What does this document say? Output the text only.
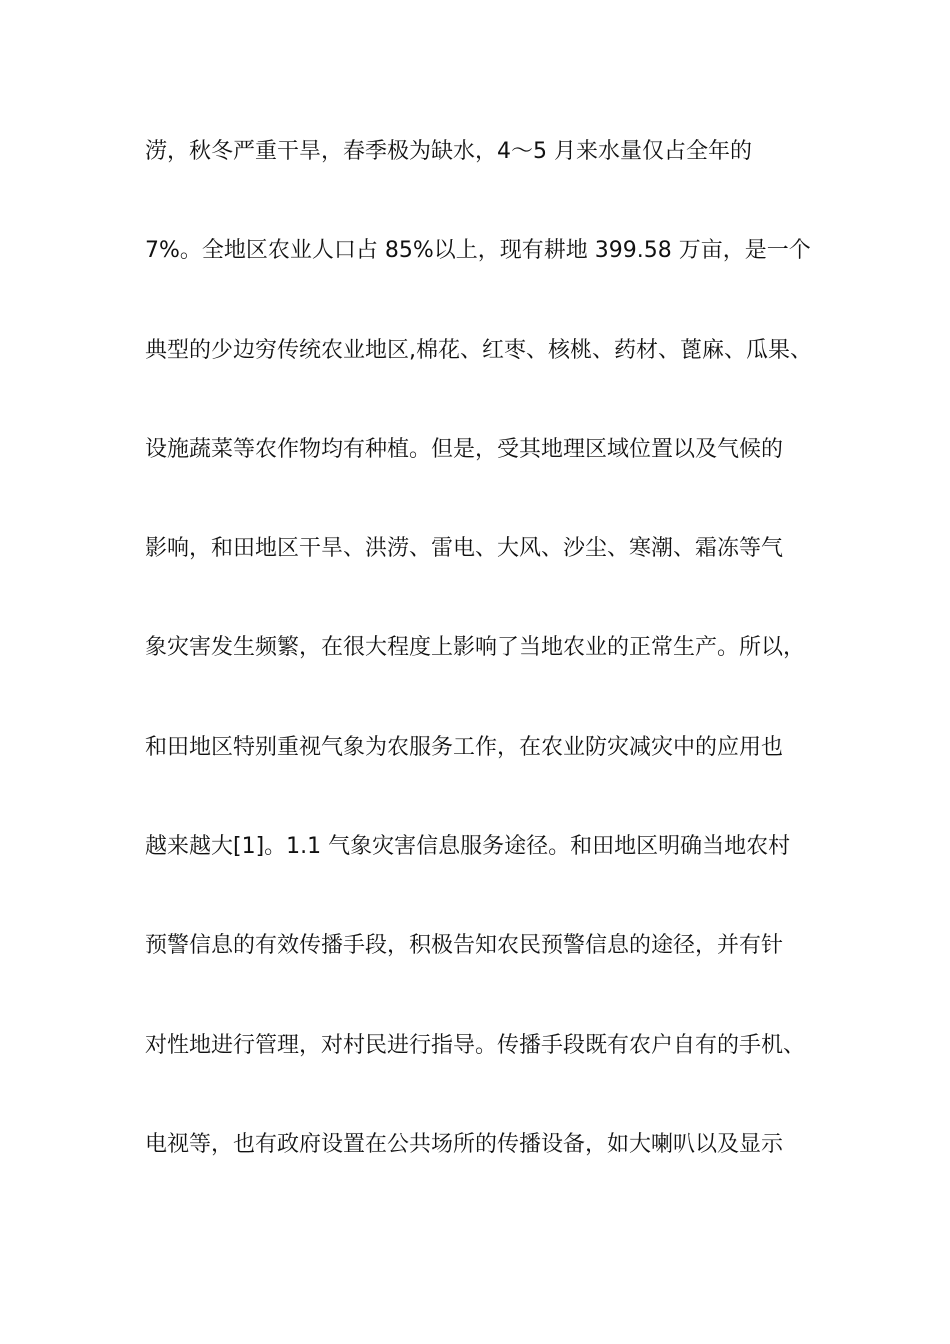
涝，秋冬严重干旱，春季极为缺水，4～5 月来水量仅占全年的
7%。全地区农业人口占 85%以上，现有耕地 399.58 万亩，是一个
典型的少边穷传统农业地区,棉花、红枣、核桃、药材、蓖麻、瓜果、
设施蔬菜等农作物均有种植。但是，受其地理区域位置以及气候的
影响，和田地区干旱、洪涝、雷电、大风、沙尘、寒潮、霜冻等气
象灾害发生频繁，在很大程度上影响了当地农业的正常生产。所以，
和田地区特别重视气象为农服务工作，在农业防灾减灾中的应用也
越来越大[1]。1.1 气象灾害信息服务途径。和田地区明确当地农村
预警信息的有效传播手段，积极告知农民预警信息的途径，并有针
对性地进行管理，对村民进行指导。传播手段既有农户自有的手机、
电视等，也有政府设置在公共场所的传播设备，如大喇叭以及显示
